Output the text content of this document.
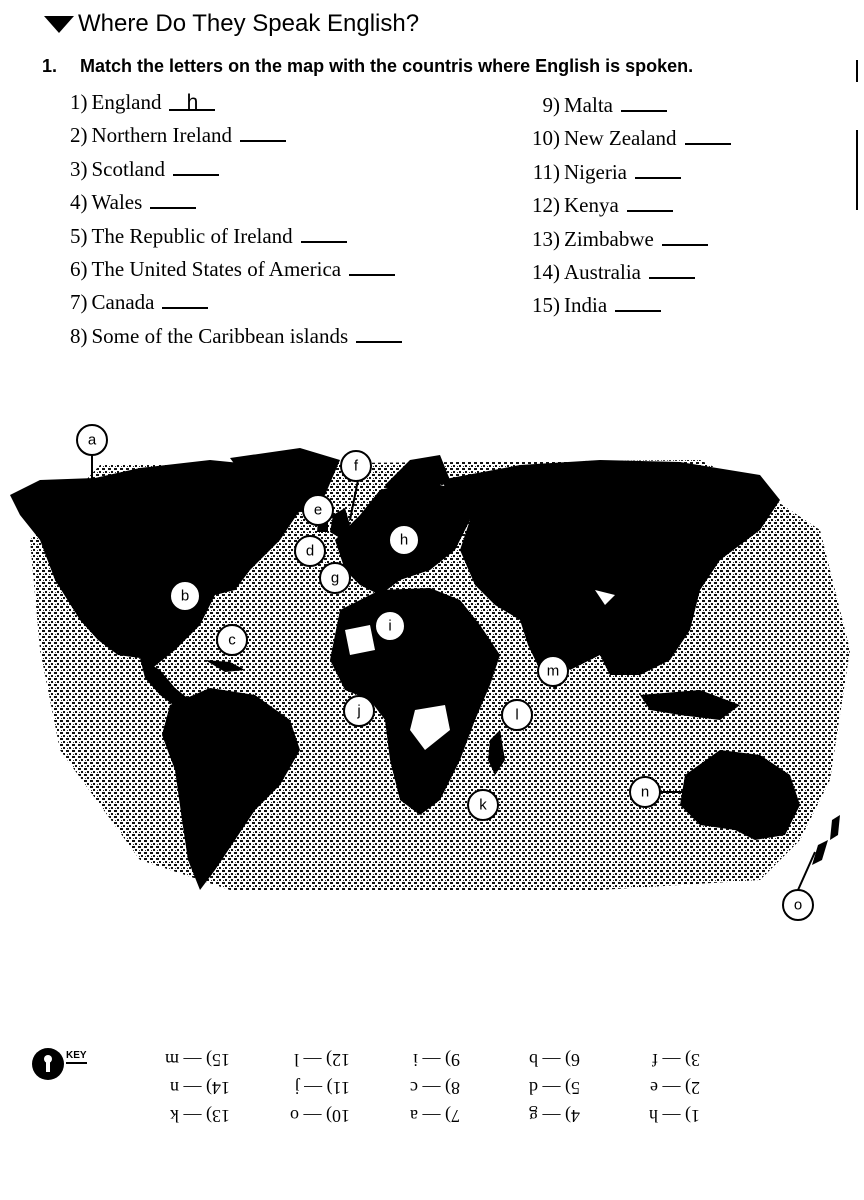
Where Do They Speak English?
1. Match the letters on the map with the countris where English is spoken.
1) England h
2) Northern Ireland
3) Scotland
4) Wales
5) The Republic of Ireland
6) The United States of America
7) Canada
8) Some of the Caribbean islands
9) Malta
10) New Zealand
11) Nigeria
12) Kenya
13) Zimbabwe
14) Australia
15) India
a
b
c
d
e
f
g
h
i
j
k
l
m
n
o
KEY
1) — h
2) — e
3) — f
4) — g
5) — d
6) — b
7) — a
8) — c
9) — i
10) — o
11) — j
12) — l
13) — k
14) — n
15) — m
